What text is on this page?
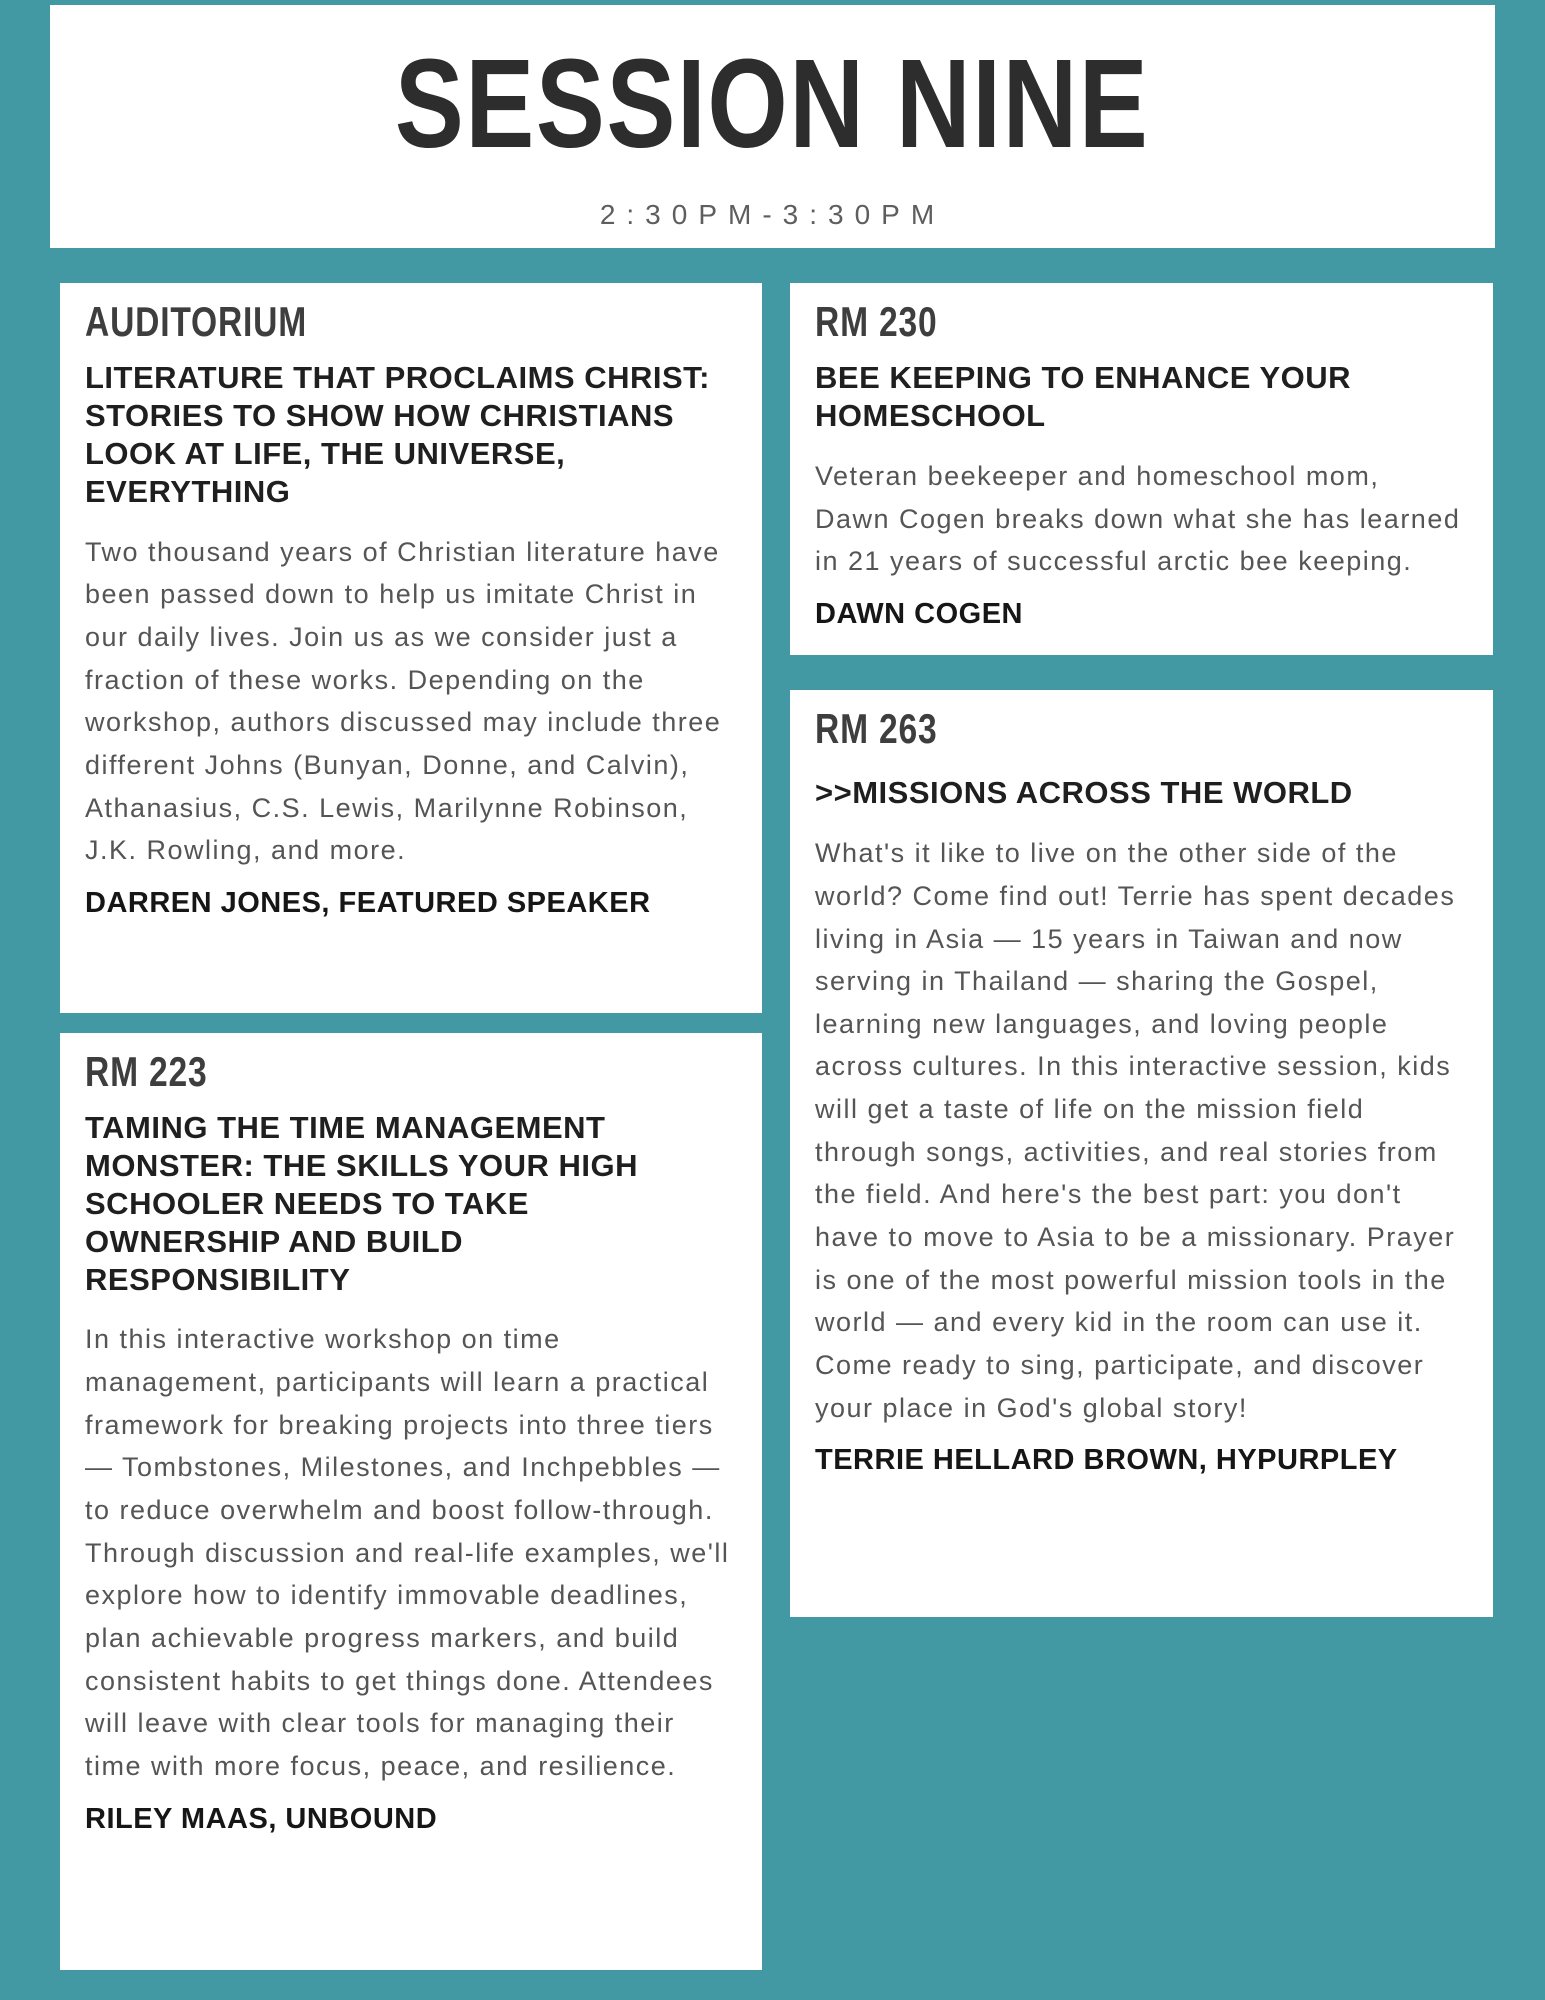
SESSION NINE
2:30PM-3:30PM
AUDITORIUM
LITERATURE THAT PROCLAIMS CHRIST: STORIES TO SHOW HOW CHRISTIANS LOOK AT LIFE, THE UNIVERSE, EVERYTHING

Two thousand years of Christian literature have been passed down to help us imitate Christ in our daily lives. Join us as we consider just a fraction of these works. Depending on the workshop, authors discussed may include three different Johns (Bunyan, Donne, and Calvin), Athanasius, C.S. Lewis, Marilynne Robinson, J.K. Rowling, and more.

DARREN JONES, FEATURED SPEAKER

RM 223
TAMING THE TIME MANAGEMENT MONSTER: THE SKILLS YOUR HIGH SCHOOLER NEEDS TO TAKE OWNERSHIP AND BUILD RESPONSIBILITY

In this interactive workshop on time management, participants will learn a practical framework for breaking projects into three tiers — Tombstones, Milestones, and Inchpebbles — to reduce overwhelm and boost follow-through. Through discussion and real-life examples, we'll explore how to identify immovable deadlines, plan achievable progress markers, and build consistent habits to get things done. Attendees will leave with clear tools for managing their time with more focus, peace, and resilience.

RILEY MAAS, UNBOUND

RM 230
BEE KEEPING TO ENHANCE YOUR HOMESCHOOL

Veteran beekeeper and homeschool mom, Dawn Cogen breaks down what she has learned in 21 years of successful arctic bee keeping.

DAWN COGEN

RM 263
>>MISSIONS ACROSS THE WORLD

What's it like to live on the other side of the world? Come find out! Terrie has spent decades living in Asia — 15 years in Taiwan and now serving in Thailand — sharing the Gospel, learning new languages, and loving people across cultures. In this interactive session, kids will get a taste of life on the mission field through songs, activities, and real stories from the field. And here's the best part: you don't have to move to Asia to be a missionary. Prayer is one of the most powerful mission tools in the world — and every kid in the room can use it. Come ready to sing, participate, and discover your place in God's global story!

TERRIE HELLARD BROWN, HYPURPLEY
